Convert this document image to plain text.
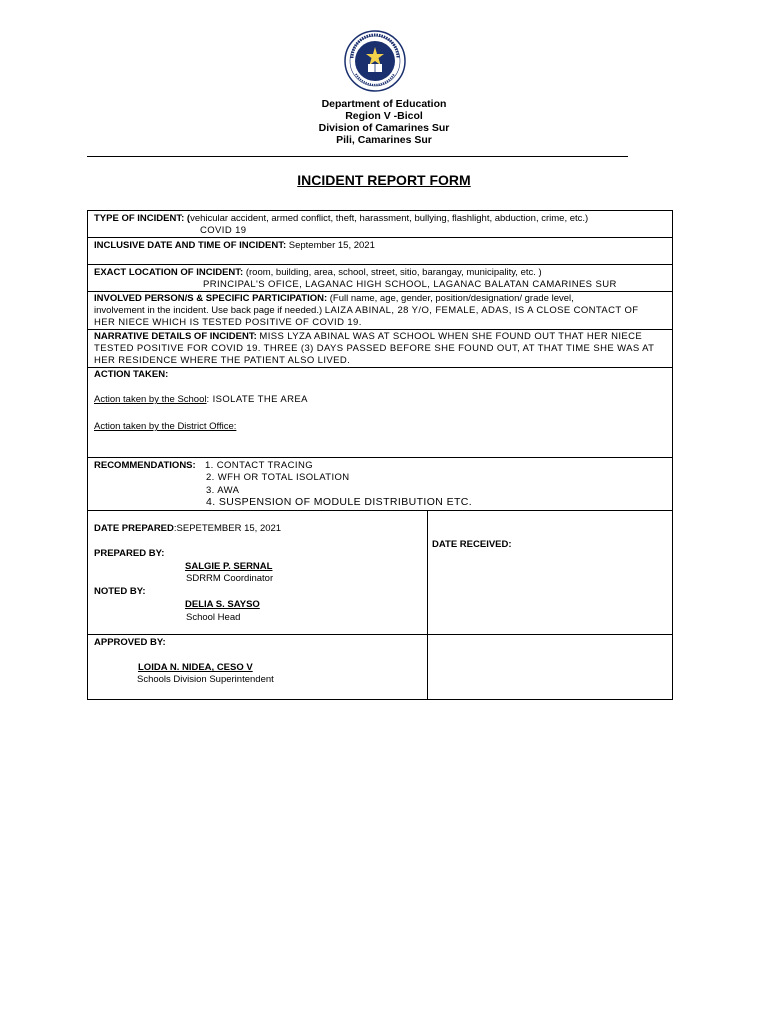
Department of Education
Region V -Bicol
Division of Camarines Sur
Pili, Camarines Sur
INCIDENT REPORT FORM
TYPE OF INCIDENT: (vehicular accident, armed conflict, theft, harassment, bullying, flashlight, abduction, crime, etc.)
COVID 19
INCLUSIVE DATE AND TIME OF INCIDENT: September 15, 2021
EXACT LOCATION OF INCIDENT: (room, building, area, school, street, sitio, barangay, municipality, etc. )
PRINCIPAL'S OFICE, LAGANAC HIGH SCHOOL, LAGANAC BALATAN CAMARINES SUR
INVOLVED PERSON/S & SPECIFIC PARTICIPATION: (Full name, age, gender, position/designation/ grade level,
involvement in the incident. Use back page if needed.) LAIZA ABINAL, 28 Y/O, FEMALE, ADAS, IS A CLOSE CONTACT OF
HER NIECE WHICH IS TESTED POSITIVE OF COVID 19.
NARRATIVE DETAILS OF INCIDENT: MISS LYZA ABINAL WAS AT SCHOOL WHEN SHE FOUND OUT THAT HER NIECE
TESTED POSITIVE FOR COVID 19. THREE (3) DAYS PASSED BEFORE SHE FOUND OUT, AT THAT TIME SHE WAS AT
HER RESIDENCE WHERE THE PATIENT ALSO LIVED.
ACTION TAKEN:
Action taken by the School: ISOLATE THE AREA
Action taken by the District Office:
RECOMMENDATIONS: 1. CONTACT TRACING
2. WFH OR TOTAL ISOLATION
3. AWA
4. SUSPENSION OF MODULE DISTRIBUTION ETC.
DATE PREPARED:SEPETEMBER 15, 2021
DATE RECEIVED:
PREPARED BY:
SALGIE P. SERNAL
SDRRM Coordinator
NOTED BY:
DELIA S. SAYSO
School Head
APPROVED BY:
LOIDA N. NIDEA, CESO V
Schools Division Superintendent
